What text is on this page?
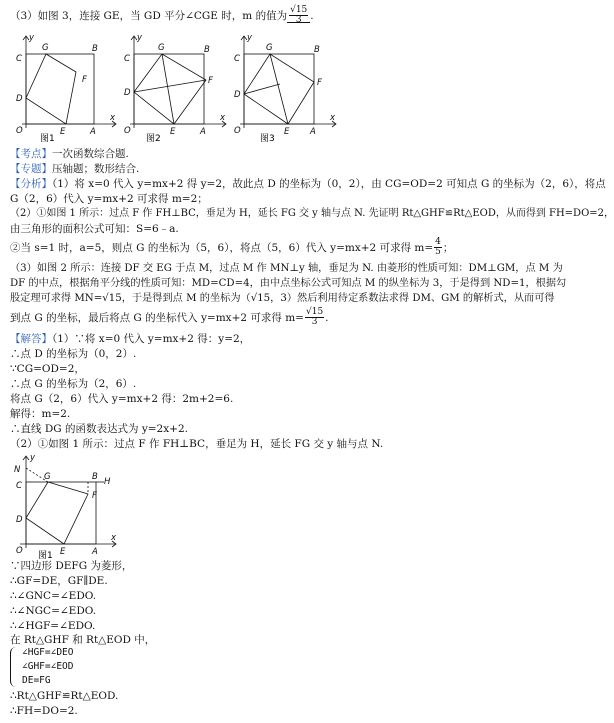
（3）如图 3，连接 GE，当 GD 平分∠CGE 时，m 的值为 $\frac{√15}{3}$ .
y
x
O
C
G	B
F
D
E	A
图1
y
x
O
C
G	B
F
D
E	A
图2
y
x
O
C
G	B
F
D
E A
图3
【考点】一次函数综合题.
【专题】压轴题；数形结合.
【分析】（1）将 x=0 代入 y=mx+2 得 y=2，故此点 D 的坐标为（0，2），由 CG=OD=2 可知点 G 的坐标为（2，6），将点
G（2，6）代入 y=mx+2 可求得 m=2；
（2）①如图 1 所示：过点 F 作 FH⊥BC，垂足为 H，延长 FG 交 y 轴与点 N. 先证明 Rt△GHF≌Rt△EOD，从而得到 FH=DO=2，
由三角形的面积公式可知：S=6﹣a.
②当 s=1 时，a=5，则点 G 的坐标为（5，6），将点（5，6）代入 y=mx+2 可求得 $m= \frac{4}{5}$ ；
（3）如图 2 所示：连接 DF 交 EG 于点 M，过点 M 作 MN⊥y 轴，垂足为 N. 由菱形的性质可知：DM⊥GM，点 M 为
DF 的中点，根据角平分线的性质可知：MD=CD=4，由中点坐标公式可知点 M 的纵坐标为 3，于是得到 ND=1，根据勾
股定理可求得 MN=√15，于是得到点 M 的坐标为（√15，3）然后利用待定系数法求得 DM、GM 的解析式，从而可得
到点 G 的坐标，最后将点 G 的坐标代入 y=mx+2 可求得 $m= \frac{√15}{3}$ .
【解答】（1）∵将 x=0 代入 y=mx+2 得：y=2，
∴点 D 的坐标为（0，2）.
∵CG=OD=2，
∴点 G 的坐标为（2，6）.
将点 G（2，6）代入 y=mx+2 得：2m+2=6.
解得：m=2.
∴直线 DG 的函数表达式为 y=2x+2.
（2）①如图 1 所示：过点 F 作 FH⊥BC，垂足为 H，延长 FG 交 y 轴与点 N.
y
x
O
N
C
G	B H
F
D
E	A
图1
∵四边形 DEFG 为菱形，
∴GF=DE，GF∥DE.
∴∠GNC=∠EDO.
∴∠NGC=∠EDO.
∴∠HGF=∠EDO.
在 Rt△GHF 和 Rt△EOD 中，
∠HGF=∠DEO
∠GHF=∠EOD
DE=FG
∴Rt△GHF≌Rt△EOD.
∴FH=DO=2.
